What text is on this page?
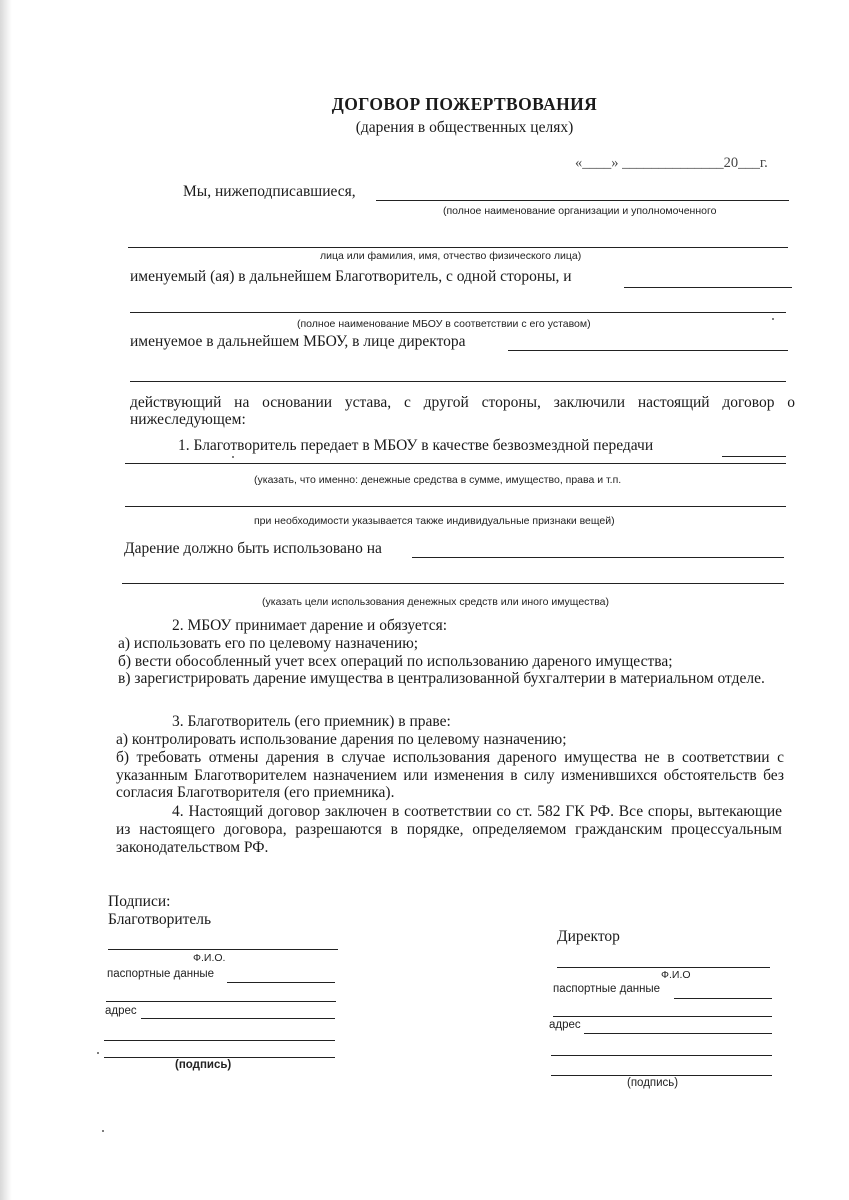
ДОГОВОР ПОЖЕРТВОВАНИЯ
(дарения в общественных целях)
«____» ______________20___г.
Мы, нижеподписавшиеся,
(полное наименование организации и уполномоченного
лица или фамилия, имя, отчество физического лица)
именуемый (ая) в дальнейшем Благотворитель, с одной стороны, и
(полное наименование МБОУ в соответствии с его уставом)
именуемое в дальнейшем МБОУ, в лице директора
действующий на основании устава, с другой стороны, заключили настоящий договор о нижеследующем:
1. Благотворитель передает в МБОУ в качестве безвозмездной передачи
(указать, что именно: денежные средства в сумме, имущество, права и т.п.
при необходимости указывается также индивидуальные признаки вещей)
Дарение должно быть использовано на
(указать цели использования денежных средств или иного имущества)
2. МБОУ принимает дарение и обязуется:
а) использовать его по целевому назначению;
б) вести обособленный учет всех операций по использованию дареного имущества;
в) зарегистрировать дарение имущества в централизованной бухгалтерии в материальном отделе.
3. Благотворитель (его приемник) в праве:
а) контролировать использование дарения по целевому назначению;
б) требовать отмены дарения в случае использования дареного имущества не в соответствии с указанным Благотворителем назначением или изменения в силу изменившихся обстоятельств без согласия Благотворителя (его приемника).
4. Настоящий договор заключен в соответствии со ст. 582 ГК РФ. Все споры, вытекающие из настоящего договора, разрешаются в порядке, определяемом гражданским процессуальным законодательством РФ.
Подписи:
Благотворитель
Ф.И.О.
паспортные данные
адрес
(подпись)
Директор
Ф.И.О
паспортные данные
адрес
(подпись)
